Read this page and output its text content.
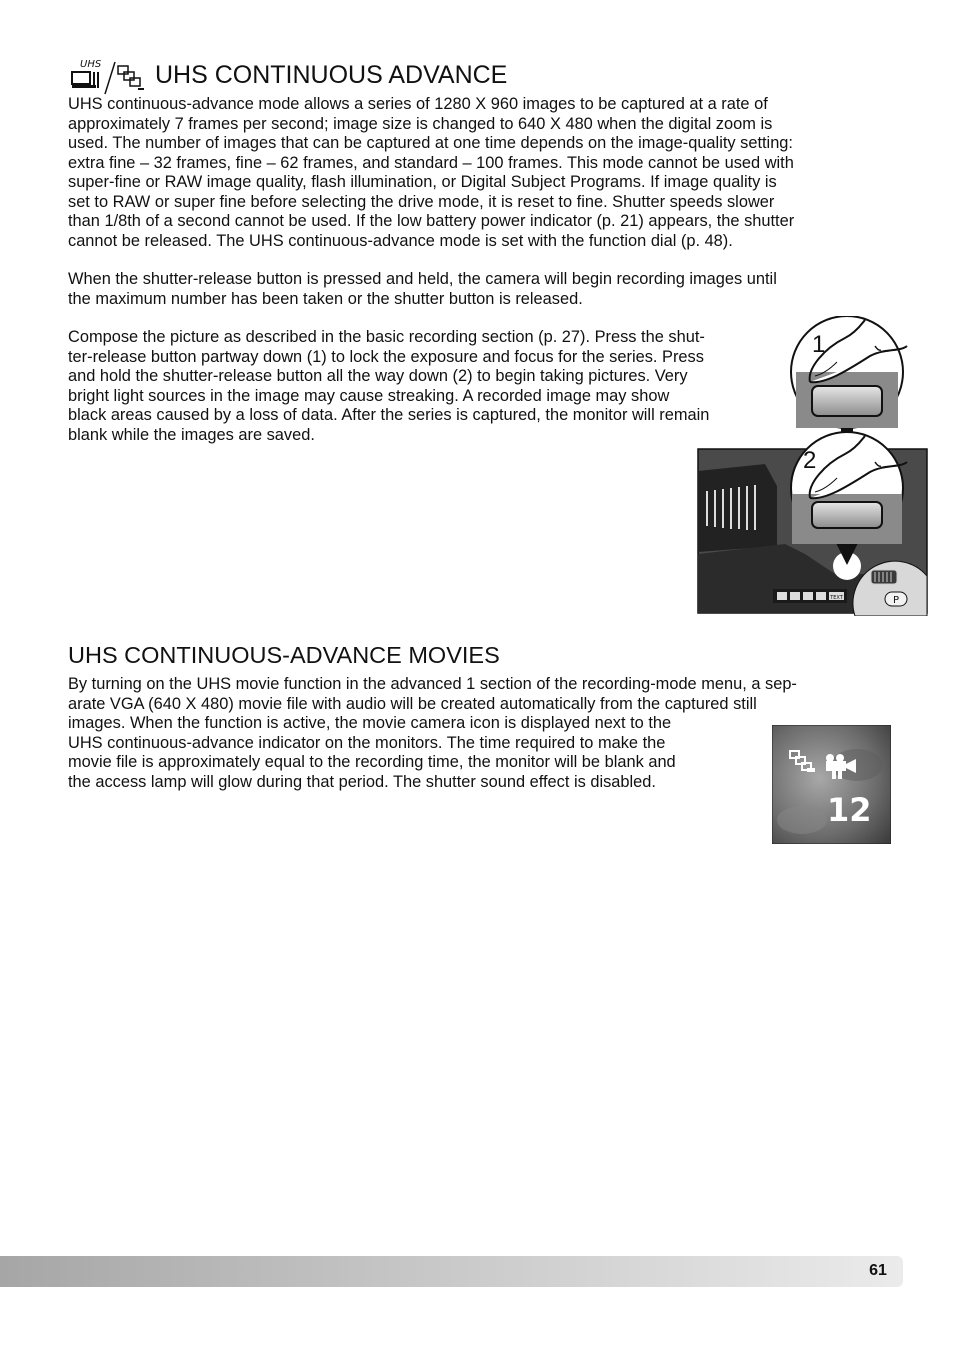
UHS UHS CONTINUOUS ADVANCE
UHS continuous-advance mode allows a series of 1280 X 960 images to be captured at a rate of
approximately 7 frames per second; image size is changed to 640 X 480 when the digital zoom is
used. The number of images that can be captured at one time depends on the image-quality setting:
extra fine – 32 frames, fine – 62 frames, and standard – 100 frames. This mode cannot be used with
super-fine or RAW image quality, flash illumination, or Digital Subject Programs. If image quality is
set to RAW or super fine before selecting the drive mode, it is reset to fine. Shutter speeds slower
than 1/8th of a second cannot be used. If the low battery power indicator (p. 21) appears, the shutter
cannot be released. The UHS continuous-advance mode is set with the function dial (p. 48).
When the shutter-release button is pressed and held, the camera will begin recording images until
the maximum number has been taken or the shutter button is released.
Compose the picture as described in the basic recording section (p. 27). Press the shut-
ter-release button partway down (1) to lock the exposure and focus for the series. Press
and hold the shutter-release button all the way down (2) to begin taking pictures. Very
bright light sources in the image may cause streaking. A recorded image may show
black areas caused by a loss of data. After the series is captured, the monitor will remain
blank while the images are saved.
TEXT	P
1
2
UHS CONTINUOUS-ADVANCE MOVIES
By turning on the UHS movie function in the advanced 1 section of the recording-mode menu, a sep-
arate VGA (640 X 480) movie file with audio will be created automatically from the captured still
images. When the function is active, the movie camera icon is displayed next to the
UHS continuous-advance indicator on the monitors. The time required to make the
movie file is approximately equal to the recording time, the monitor will be blank and
the access lamp will glow during that period. The shutter sound effect is disabled.
12
61
